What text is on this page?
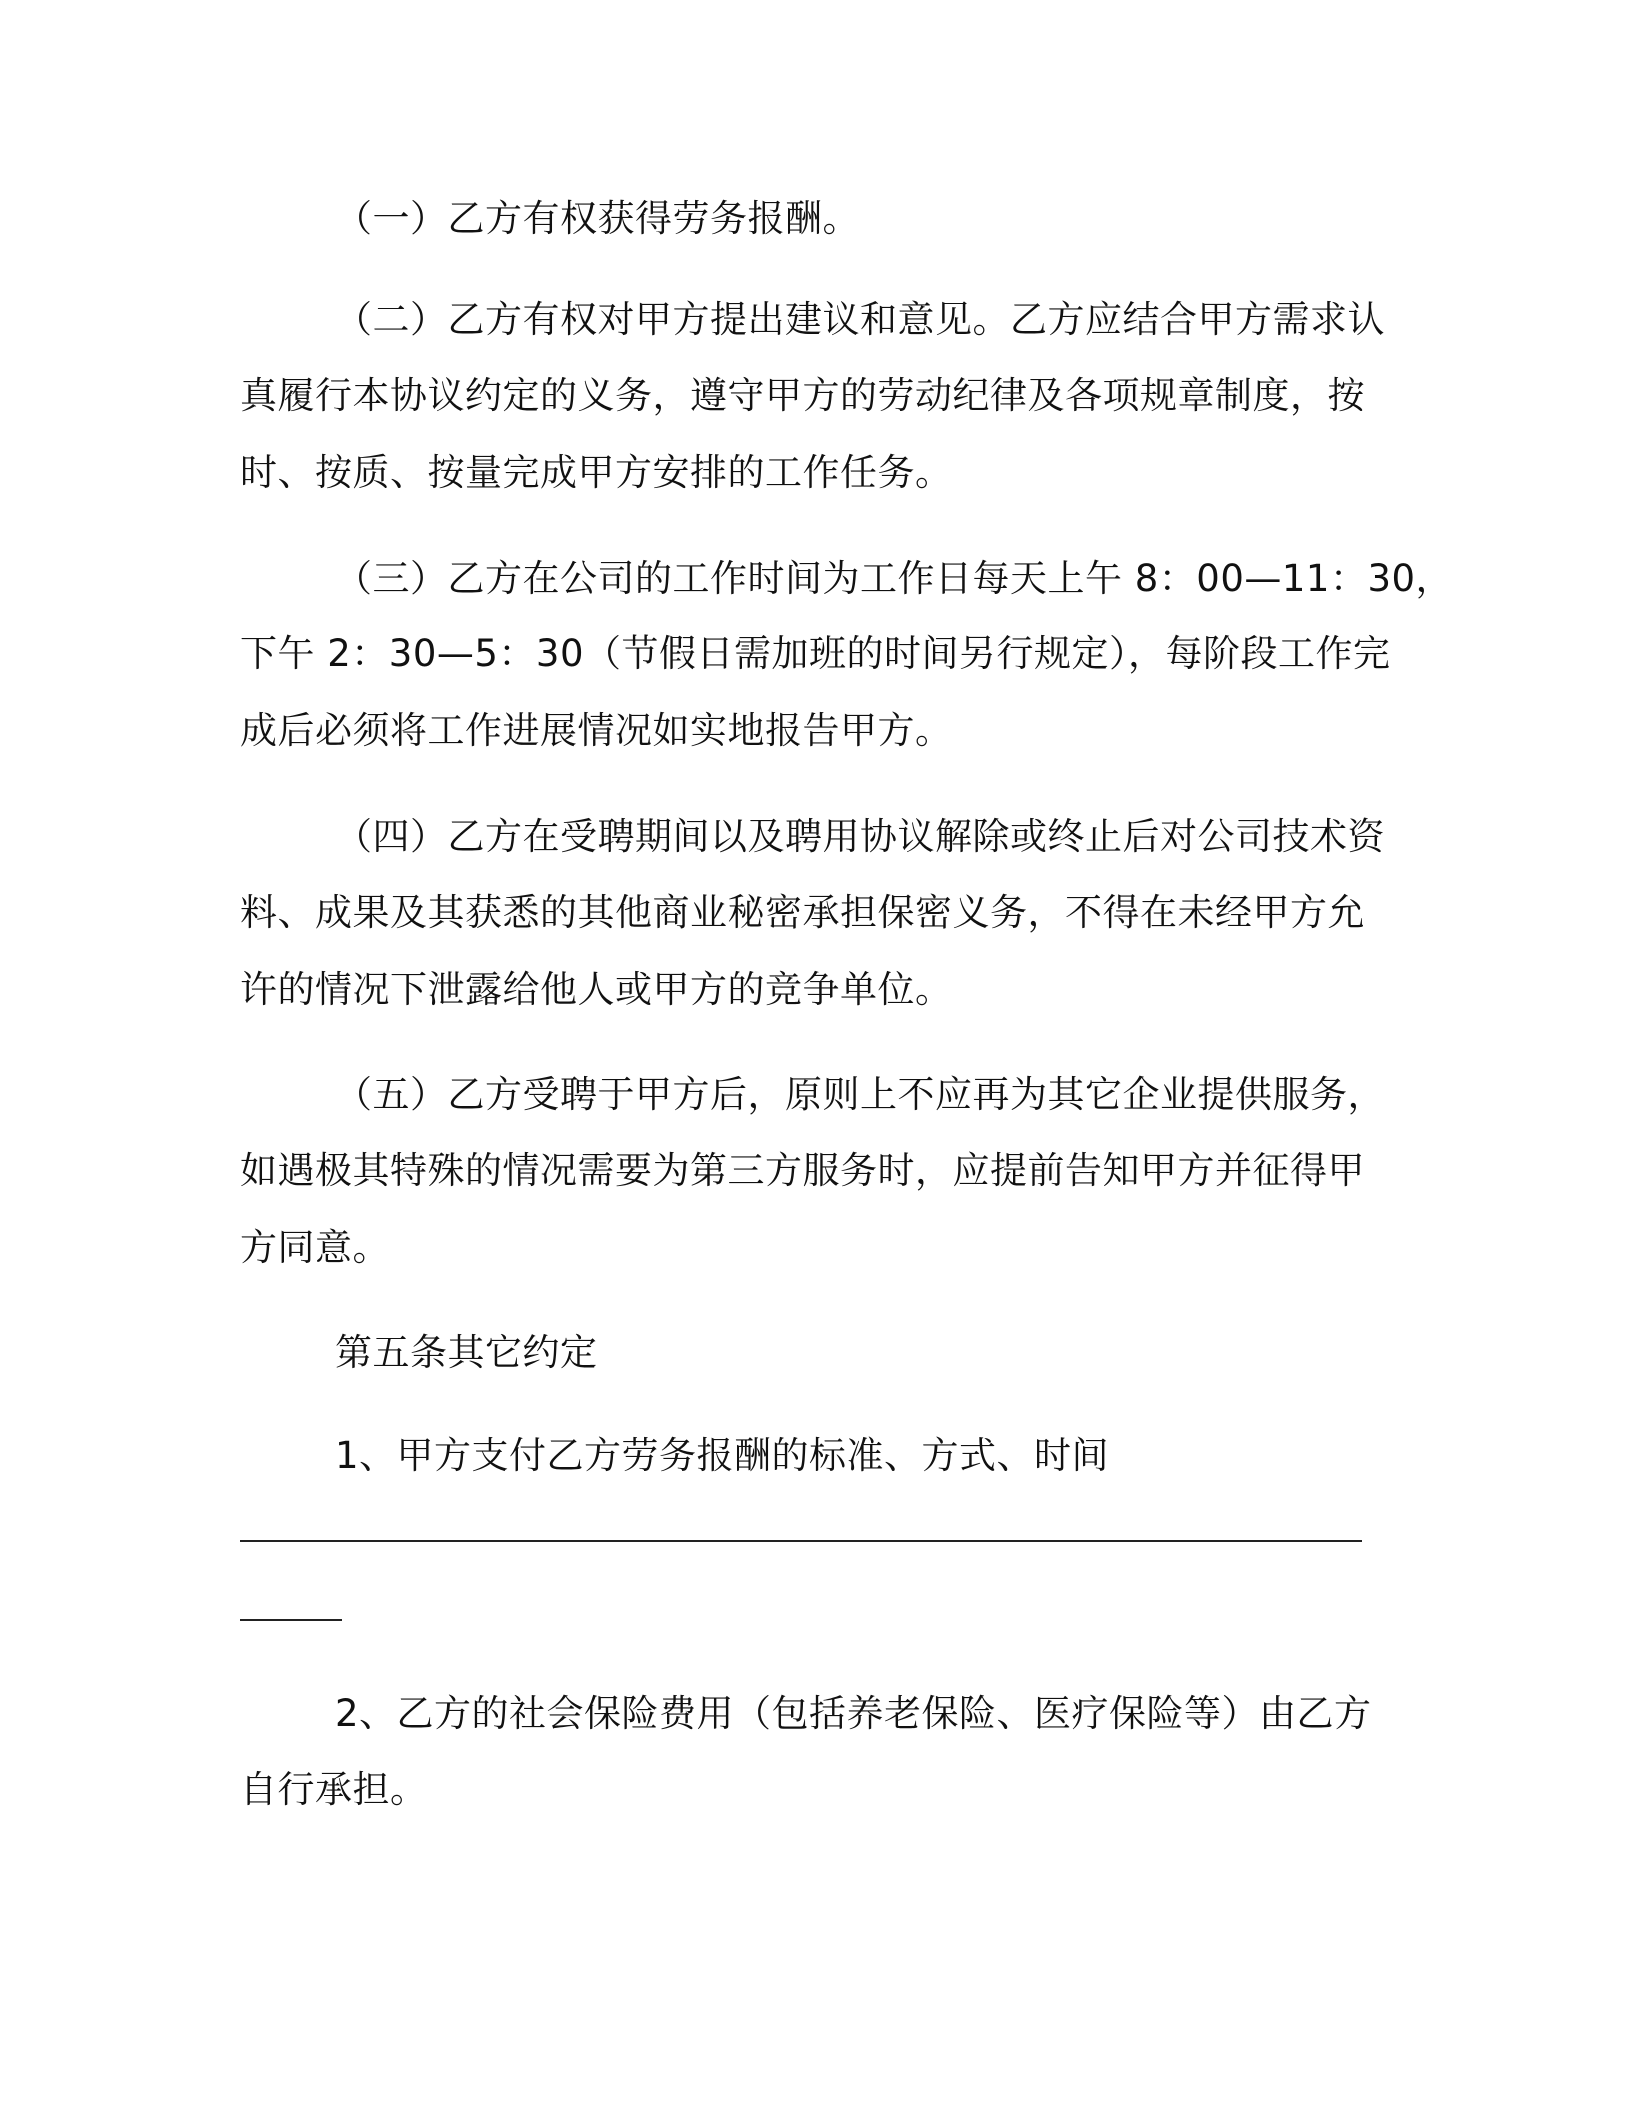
（一）乙方有权获得劳务报酬。
（二）乙方有权对甲方提出建议和意见。乙方应结合甲方需求认
真履行本协议约定的义务，遵守甲方的劳动纪律及各项规章制度，按
时、按质、按量完成甲方安排的工作任务。
（三）乙方在公司的工作时间为工作日每天上午 8：00—11：30，
下午 2：30—5：30（节假日需加班的时间另行规定），每阶段工作完
成后必须将工作进展情况如实地报告甲方。
（四）乙方在受聘期间以及聘用协议解除或终止后对公司技术资
料、成果及其获悉的其他商业秘密承担保密义务，不得在未经甲方允
许的情况下泄露给他人或甲方的竞争单位。
（五）乙方受聘于甲方后，原则上不应再为其它企业提供服务，
如遇极其特殊的情况需要为第三方服务时，应提前告知甲方并征得甲
方同意。
第五条其它约定
1、甲方支付乙方劳务报酬的标准、方式、时间
2、乙方的社会保险费用（包括养老保险、医疗保险等）由乙方
自行承担。
